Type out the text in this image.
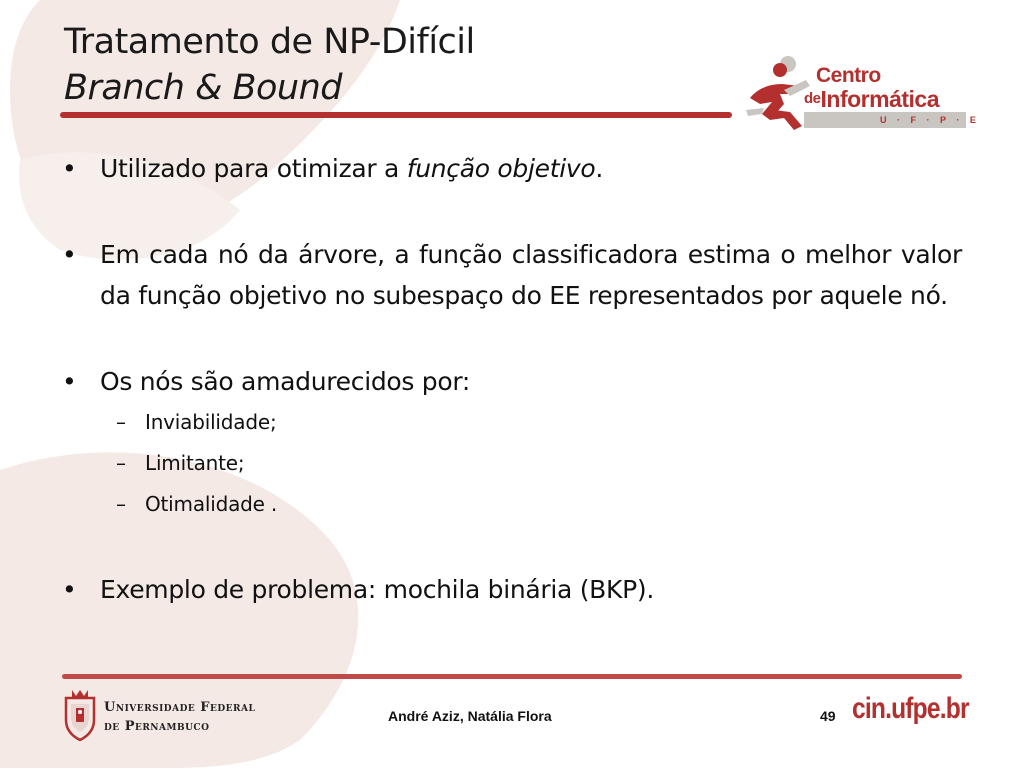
Tratamento de NP-Difícil
Branch & Bound	Centro
deInformática
U · F · P · E
• Utilizado para otimizar a função objetivo.
• Em cada nó da árvore, a função classificadora estima o melhor valor da função objetivo no subespaço do EE representados por aquele nó.
• Os nós são amadurecidos por:
– Inviabilidade;
– Limitante;
– Otimalidade .
• Exemplo de problema: mochila binária (BKP).
Universidade Federal
de Pernambuco
André Aziz, Natália Flora	49 cin.ufpe.br
